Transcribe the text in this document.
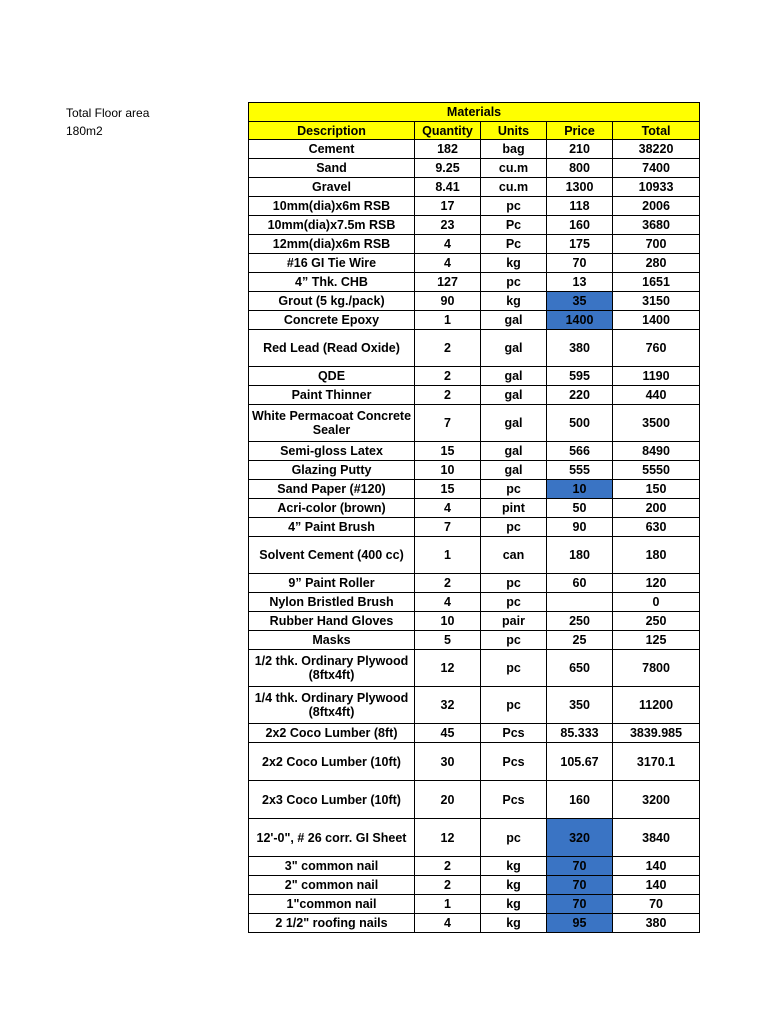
Total Floor area
180m2
Materials				
Description	Quantity	Units	Price	Total
Cement	182	bag	210	38220
Sand	9.25	cu.m	800	7400
Gravel	8.41	cu.m	1300	10933
10mm(dia)x6m RSB	17	pc	118	2006
10mm(dia)x7.5m RSB	23	Pc	160	3680
12mm(dia)x6m RSB	4	Pc	175	700
#16 GI Tie Wire	4	kg	70	280
4” Thk. CHB	127	pc	13	1651
Grout (5 kg./pack)	90	kg	35	3150
Concrete Epoxy	1	gal	1400	1400
Red Lead (Read Oxide)	2	gal	380	760
QDE	2	gal	595	1190
Paint Thinner	2	gal	220	440
White Permacoat Concrete Sealer	7	gal	500	3500
Semi-gloss Latex	15	gal	566	8490
Glazing Putty	10	gal	555	5550
Sand Paper (#120)	15	pc	10	150
Acri-color (brown)	4	pint	50	200
4” Paint Brush	7	pc	90	630
Solvent Cement (400 cc)	1	can	180	180
9” Paint Roller	2	pc	60	120
Nylon Bristled Brush	4	pc		0
Rubber Hand Gloves	10	pair	250	250
Masks	5	pc	25	125
1/2 thk. Ordinary Plywood (8ftx4ft)	12	pc	650	7800
1/4 thk. Ordinary Plywood (8ftx4ft)	32	pc	350	11200
2x2 Coco Lumber (8ft)	45	Pcs	85.333	3839.985
2x2 Coco Lumber (10ft)	30	Pcs	105.67	3170.1
2x3 Coco Lumber (10ft)	20	Pcs	160	3200
12'-0", # 26 corr. GI Sheet	12	pc	320	3840
3" common nail	2	kg	70	140
2" common nail	2	kg	70	140
1"common nail	1	kg	70	70
2 1/2" roofing nails	4	kg	95	380
